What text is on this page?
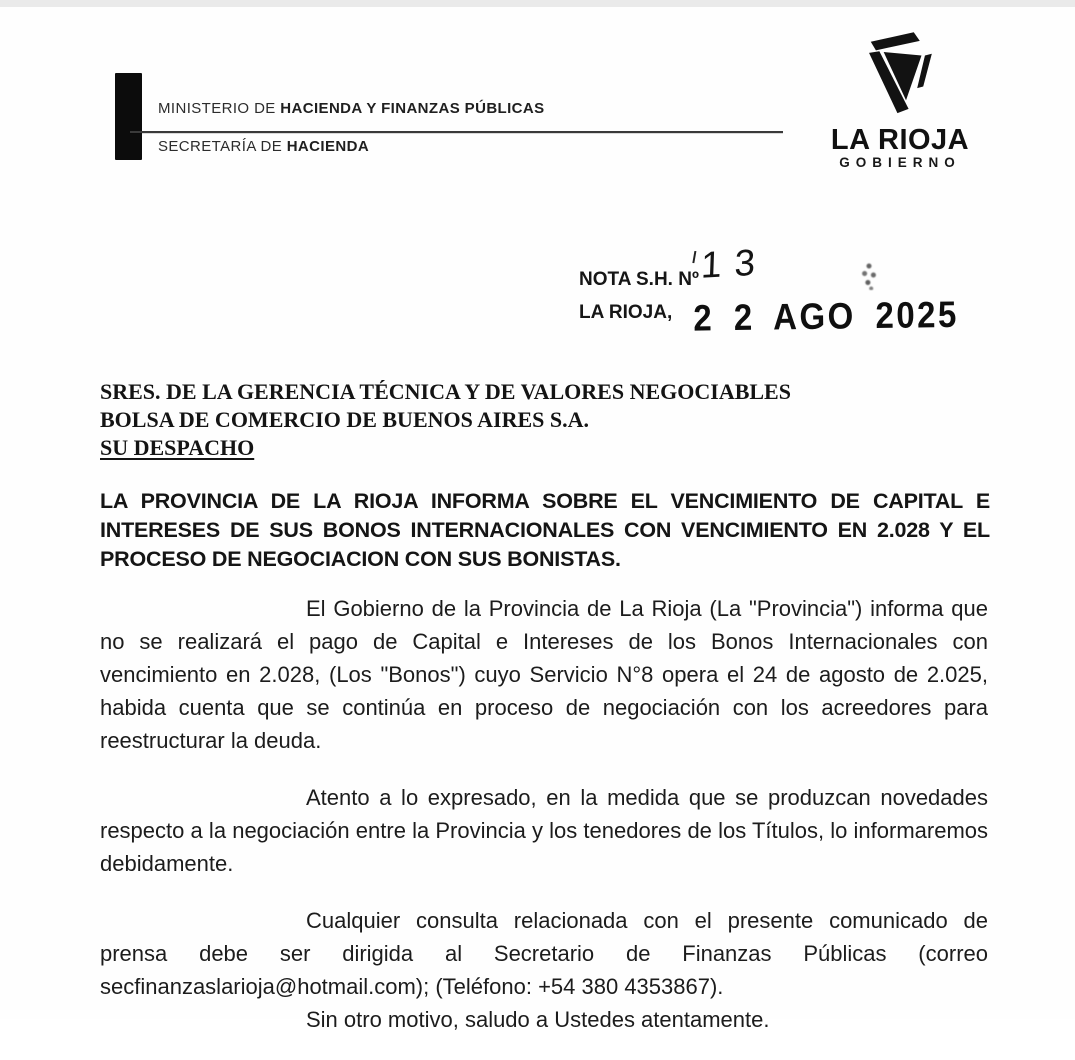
MINISTERIO DE HACIENDA Y FINANZAS PÚBLICAS
SECRETARÍA DE HACIENDA	LA RIOJA
GOBIERNO
NOTA S.H. Nº 13
LA RIOJA, 2 2 AGO 2025
SRES. DE LA GERENCIA TÉCNICA Y DE VALORES NEGOCIABLES
BOLSA DE COMERCIO DE BUENOS AIRES S.A.
SU DESPACHO
LA PROVINCIA DE LA RIOJA INFORMA SOBRE EL VENCIMIENTO DE CAPITAL E INTERESES DE SUS BONOS INTERNACIONALES CON VENCIMIENTO EN 2.028 Y EL PROCESO DE NEGOCIACION CON SUS BONISTAS.

El Gobierno de la Provincia de La Rioja (La "Provincia") informa que no se realizará el pago de Capital e Intereses de los Bonos Internacionales con vencimiento en 2.028, (Los "Bonos") cuyo Servicio N°8 opera el 24 de agosto de 2.025, habida cuenta que se continúa en proceso de negociación con los acreedores para reestructurar la deuda.

Atento a lo expresado, en la medida que se produzcan novedades respecto a la negociación entre la Provincia y los tenedores de los Títulos, lo informaremos debidamente.

Cualquier consulta relacionada con el presente comunicado de prensa debe ser dirigida al Secretario de Finanzas Públicas (correo secfinanzaslarioja@hotmail.com); (Teléfono: +54 380 4353867).

Sin otro motivo, saludo a Ustedes atentamente.
